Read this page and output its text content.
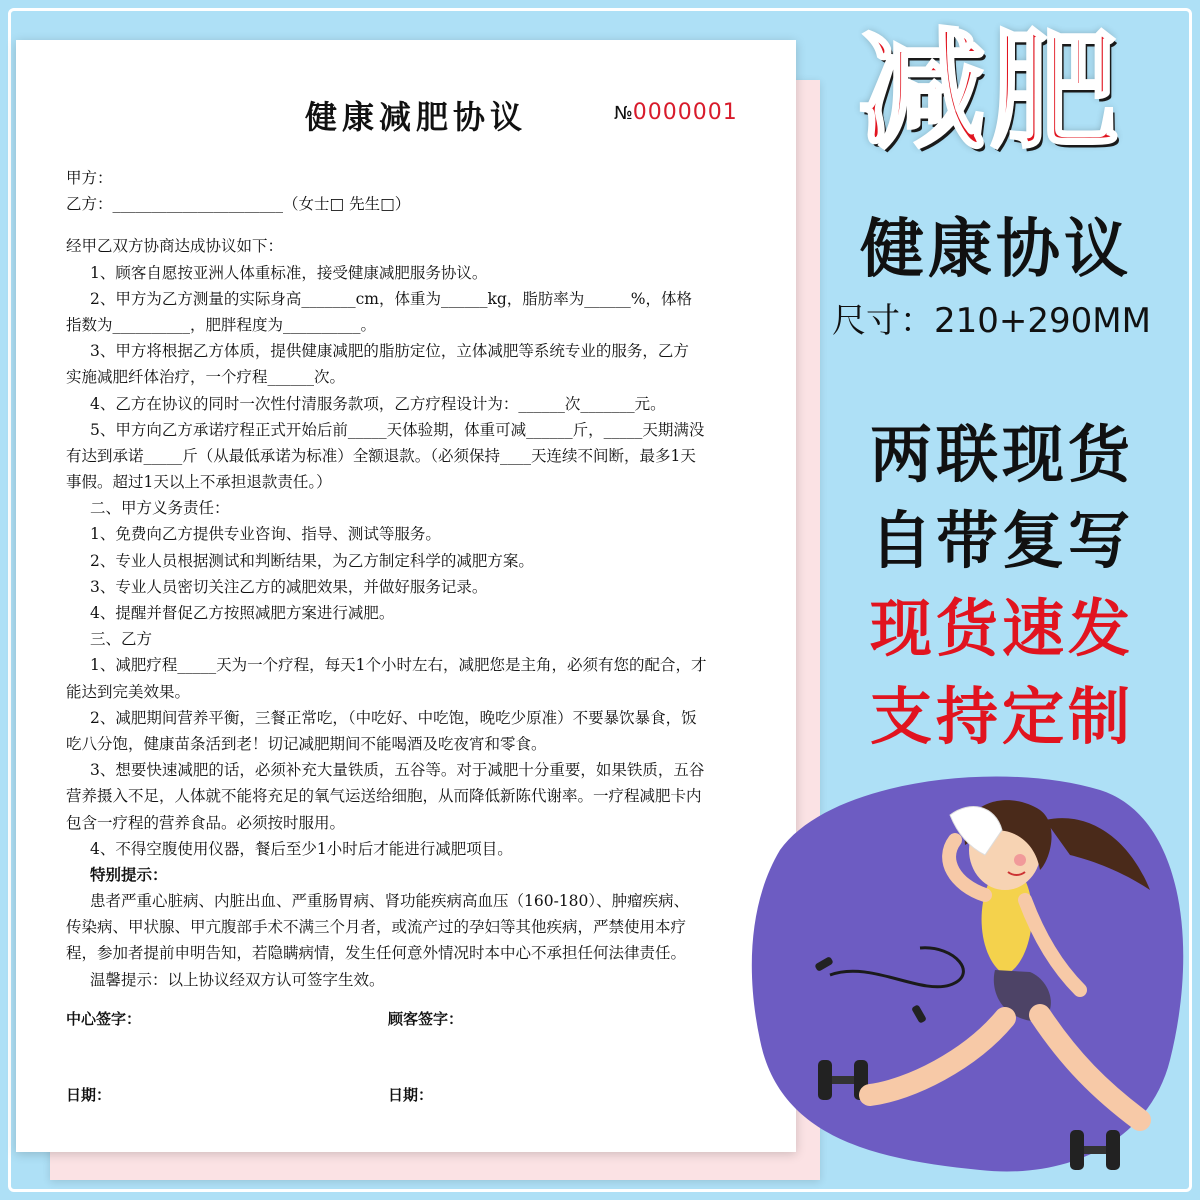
健康减肥协议	№0000001
甲方：
乙方：______________________（女士□ 先生□）
经甲乙双方协商达成协议如下：
1、顾客自愿按亚洲人体重标准，接受健康减肥服务协议。
2、甲方为乙方测量的实际身高_______cm，体重为______kg，脂肪率为______%，体格
指数为__________，肥胖程度为__________。
3、甲方将根据乙方体质，提供健康减肥的脂肪定位，立体减肥等系统专业的服务，乙方
实施减肥纤体治疗，一个疗程______次。
4、乙方在协议的同时一次性付清服务款项，乙方疗程设计为：______次_______元。
5、甲方向乙方承诺疗程正式开始后前_____天体验期，体重可减______斤，_____天期满没
有达到承诺_____斤（从最低承诺为标准）全额退款。（必须保持____天连续不间断，最多1天
事假。超过1天以上不承担退款责任。）
二、甲方义务责任：
1、免费向乙方提供专业咨询、指导、测试等服务。
2、专业人员根据测试和判断结果，为乙方制定科学的减肥方案。
3、专业人员密切关注乙方的减肥效果，并做好服务记录。
4、提醒并督促乙方按照减肥方案进行减肥。
三、乙方
1、减肥疗程_____天为一个疗程，每天1个小时左右，减肥您是主角，必须有您的配合，才
能达到完美效果。
2、减肥期间营养平衡，三餐正常吃，（中吃好、中吃饱，晚吃少原准）不要暴饮暴食，饭
吃八分饱，健康苗条活到老！切记减肥期间不能喝酒及吃夜宵和零食。
3、想要快速减肥的话，必须补充大量铁质，五谷等。对于减肥十分重要，如果铁质，五谷
营养摄入不足，人体就不能将充足的氧气运送给细胞，从而降低新陈代谢率。一疗程减肥卡内
包含一疗程的营养食品。必须按时服用。
4、不得空腹使用仪器，餐后至少1小时后才能进行减肥项目。
特别提示：
患者严重心脏病、内脏出血、严重肠胃病、肾功能疾病高血压（160-180）、肿瘤疾病、
传染病、甲状腺、甲亢腹部手术不满三个月者，或流产过的孕妇等其他疾病，严禁使用本疗
程，参加者提前申明告知，若隐瞒病情，发生任何意外情况时本中心不承担任何法律责任。
温馨提示：以上协议经双方认可签字生效。
中心签字：	顾客签字：
日期：	日期：
减肥
健康协议
尺寸：210+290MM
两联现货
自带复写
现货速发
支持定制
